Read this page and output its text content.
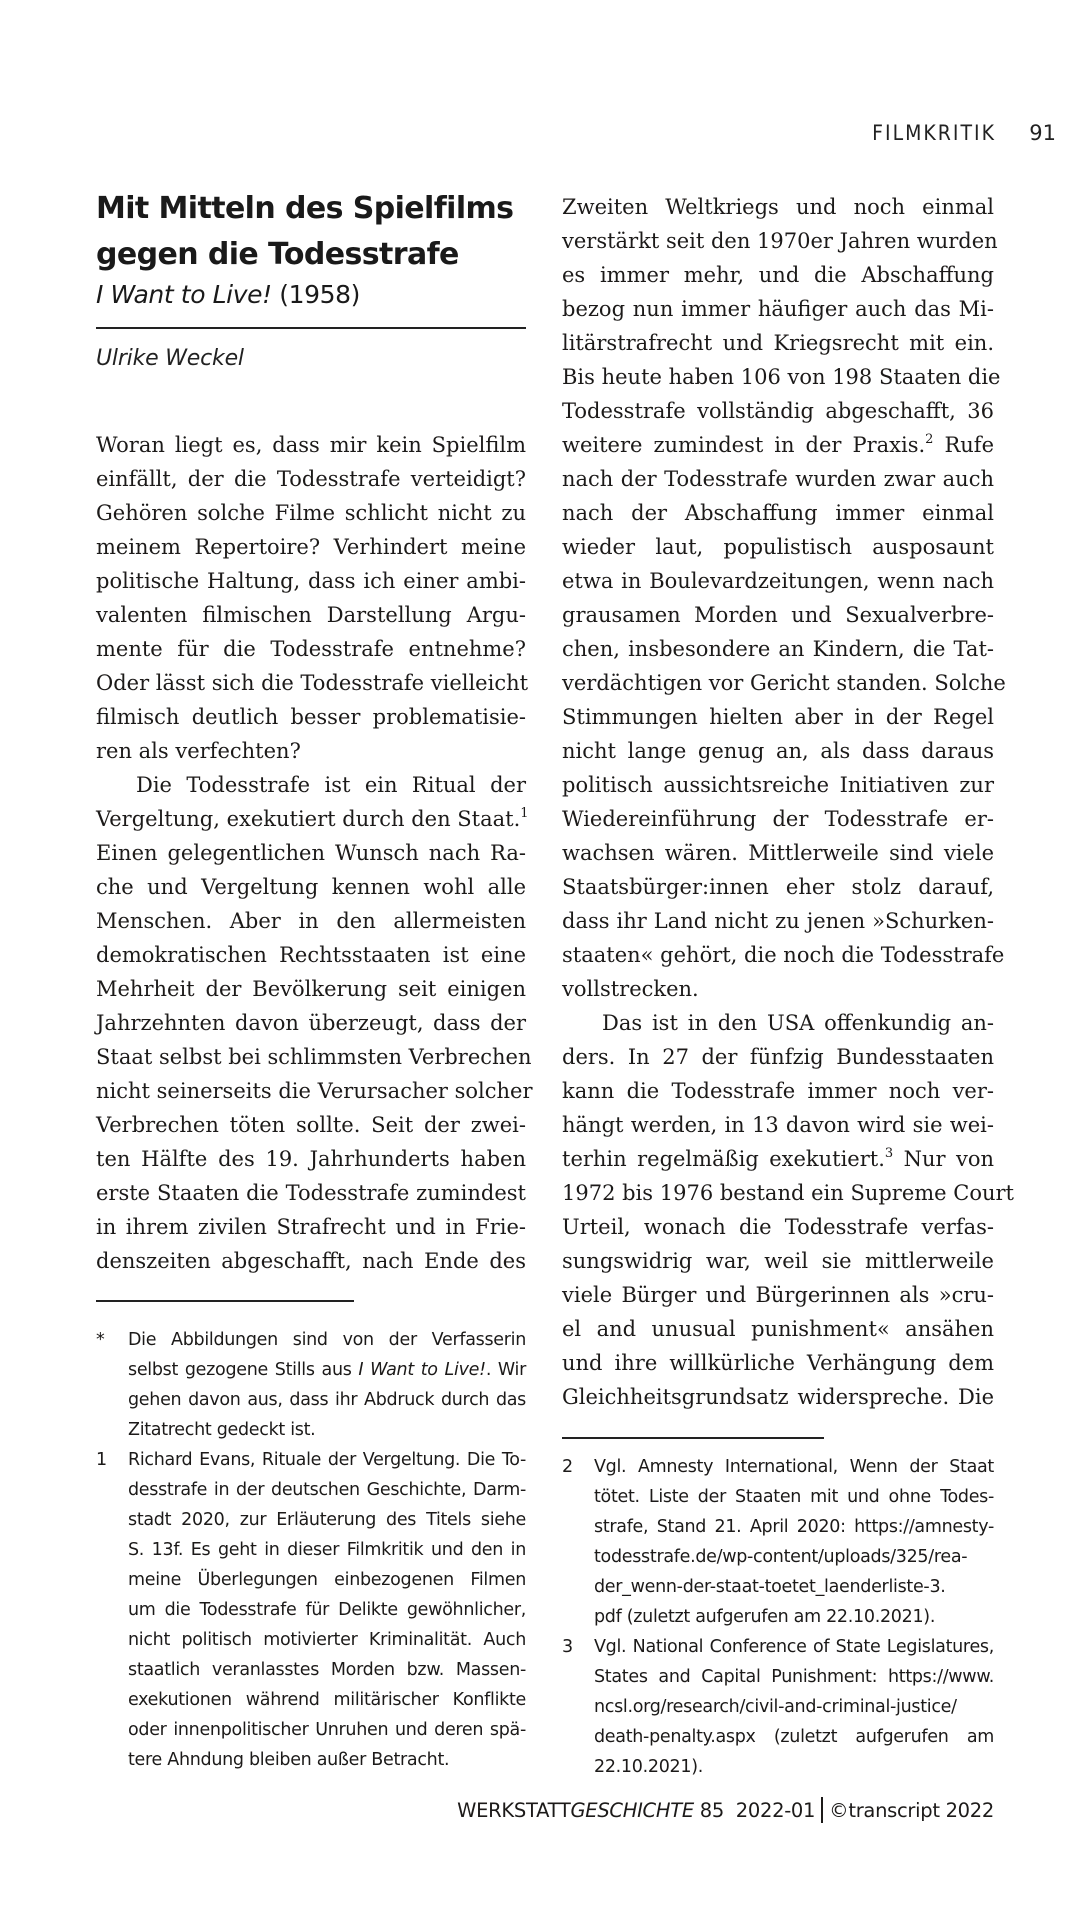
FILMKRITIK 91
Mit Mitteln des Spielfilms
gegen die Todesstrafe
I Want to Live! (1958)
Ulrike Weckel
Woran liegt es, dass mir kein Spielfilm
einfällt, der die Todesstrafe verteidigt?
Gehören solche Filme schlicht nicht zu
meinem Repertoire? Verhindert meine
politische Haltung, dass ich einer ambi-
valenten filmischen Darstellung Argu-
mente für die Todesstrafe entnehme?
Oder lässt sich die Todesstrafe vielleicht
filmisch deutlich besser problematisie-
ren als verfechten?
Die Todesstrafe ist ein Ritual der
Vergeltung, exekutiert durch den Staat.$^1$
Einen gelegentlichen Wunsch nach Ra-
che und Vergeltung kennen wohl alle
Menschen. Aber in den allermeisten
demokratischen Rechtsstaaten ist eine
Mehrheit der Bevölkerung seit einigen
Jahrzehnten davon überzeugt, dass der
Staat selbst bei schlimmsten Verbrechen
nicht seinerseits die Verursacher solcher
Verbrechen töten sollte. Seit der zwei-
ten Hälfte des 19. Jahrhunderts haben
erste Staaten die Todesstrafe zumindest
in ihrem zivilen Strafrecht und in Frie-
denszeiten abgeschafft, nach Ende des
Zweiten Weltkriegs und noch einmal
verstärkt seit den 1970er Jahren wurden
es immer mehr, und die Abschaffung
bezog nun immer häufiger auch das Mi-
litärstrafrecht und Kriegsrecht mit ein.
Bis heute haben 106 von 198 Staaten die
Todesstrafe vollständig abgeschafft, 36
weitere zumindest in der Praxis.$^2$ Rufe
nach der Todesstrafe wurden zwar auch
nach der Abschaffung immer einmal
wieder laut, populistisch ausposaunt
etwa in Boulevardzeitungen, wenn nach
grausamen Morden und Sexualverbre-
chen, insbesondere an Kindern, die Tat-
verdächtigen vor Gericht standen. Solche
Stimmungen hielten aber in der Regel
nicht lange genug an, als dass daraus
politisch aussichtsreiche Initiativen zur
Wiedereinführung der Todesstrafe er-
wachsen wären. Mittlerweile sind viele
Staatsbürger:innen eher stolz darauf,
dass ihr Land nicht zu jenen »Schurken-
staaten« gehört, die noch die Todesstrafe
vollstrecken.
Das ist in den USA offenkundig an-
ders. In 27 der fünfzig Bundesstaaten
kann die Todesstrafe immer noch ver-
hängt werden, in 13 davon wird sie wei-
terhin regelmäßig exekutiert.$^3$ Nur von
1972 bis 1976 bestand ein Supreme Court
Urteil, wonach die Todesstrafe verfas-
sungswidrig war, weil sie mittlerweile
viele Bürger und Bürgerinnen als »cru-
el and unusual punishment« ansähen
und ihre willkürliche Verhängung dem
Gleichheitsgrundsatz widerspreche. Die
* Die Abbildungen sind von der Verfasserin
selbst gezogene Stills aus I Want to Live!. Wir
gehen davon aus, dass ihr Abdruck durch das
Zitatrecht gedeckt ist.
1 Richard Evans, Rituale der Vergeltung. Die To-
desstrafe in der deutschen Geschichte, Darm-
stadt 2020, zur Erläuterung des Titels siehe
S. 13f. Es geht in dieser Filmkritik und den in
meine Überlegungen einbezogenen Filmen
um die Todesstrafe für Delikte gewöhnlicher,
nicht politisch motivierter Kriminalität. Auch
staatlich veranlasstes Morden bzw. Massen-
exekutionen während militärischer Konflikte
oder innenpolitischer Unruhen und deren spä-
tere Ahndung bleiben außer Betracht.
2 Vgl. Amnesty International, Wenn der Staat
tötet. Liste der Staaten mit und ohne Todes-
strafe, Stand 21. April 2020: https://amnesty-
todesstrafe.de/wp-content/uploads/325/rea-
der_wenn-der-staat-toetet_laenderliste-3.
pdf (zuletzt aufgerufen am 22.10.2021).
3 Vgl. National Conference of State Legislatures,
States and Capital Punishment: https://www.
ncsl.org/research/civil-and-criminal-justice/
death-penalty.aspx (zuletzt aufgerufen am
22.10.2021).
WERKSTATTGESCHICHTE 85  2022-01 ©transcript 2022
